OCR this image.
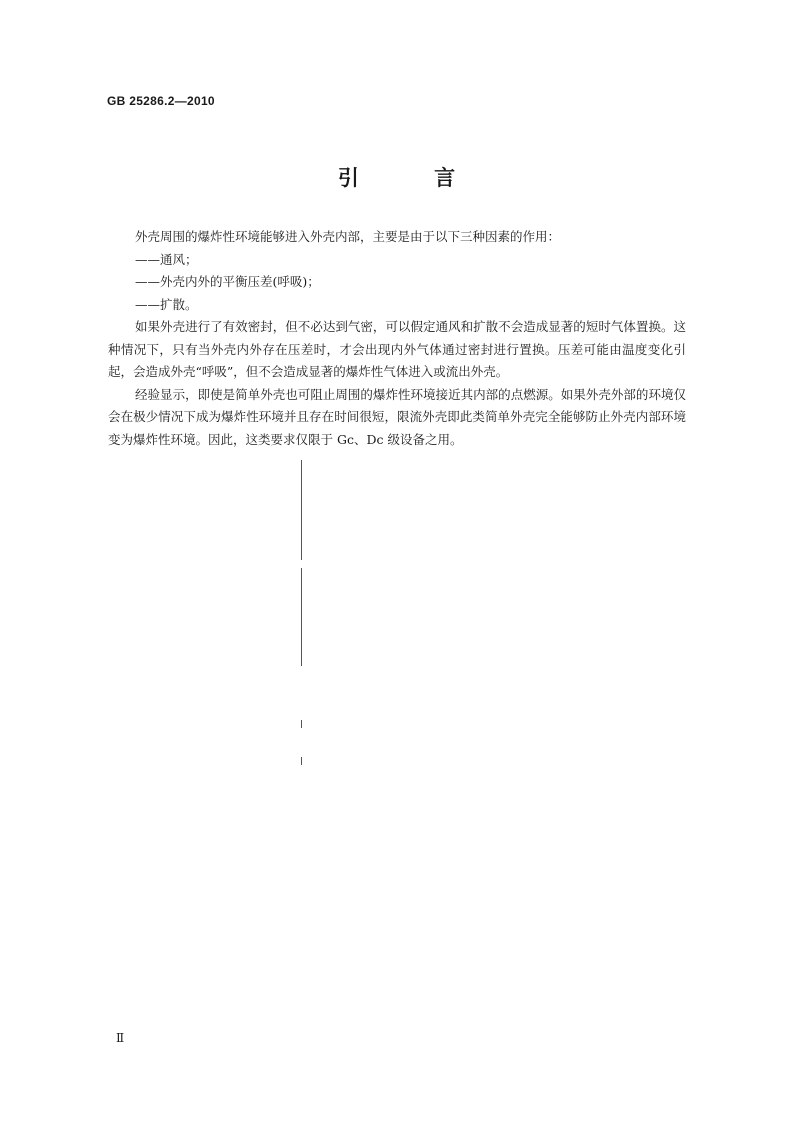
GB 25286.2—2010
引 言

外壳周围的爆炸性环境能够进入外壳内部，主要是由于以下三种因素的作用：

——通风；

——外壳内外的平衡压差(呼吸)；

——扩散。

如果外壳进行了有效密封，但不必达到气密，可以假定通风和扩散不会造成显著的短时气体置换。这种情况下，只有当外壳内外存在压差时，才会出现内外气体通过密封进行置换。压差可能由温度变化引起，会造成外壳“呼吸”，但不会造成显著的爆炸性气体进入或流出外壳。

经验显示，即使是简单外壳也可阻止周围的爆炸性环境接近其内部的点燃源。如果外壳外部的环境仅会在极少情况下成为爆炸性环境并且存在时间很短，限流外壳即此类简单外壳完全能够防止外壳内部环境变为爆炸性环境。因此，这类要求仅限于 Gc、Dc 级设备之用。

Ⅱ
